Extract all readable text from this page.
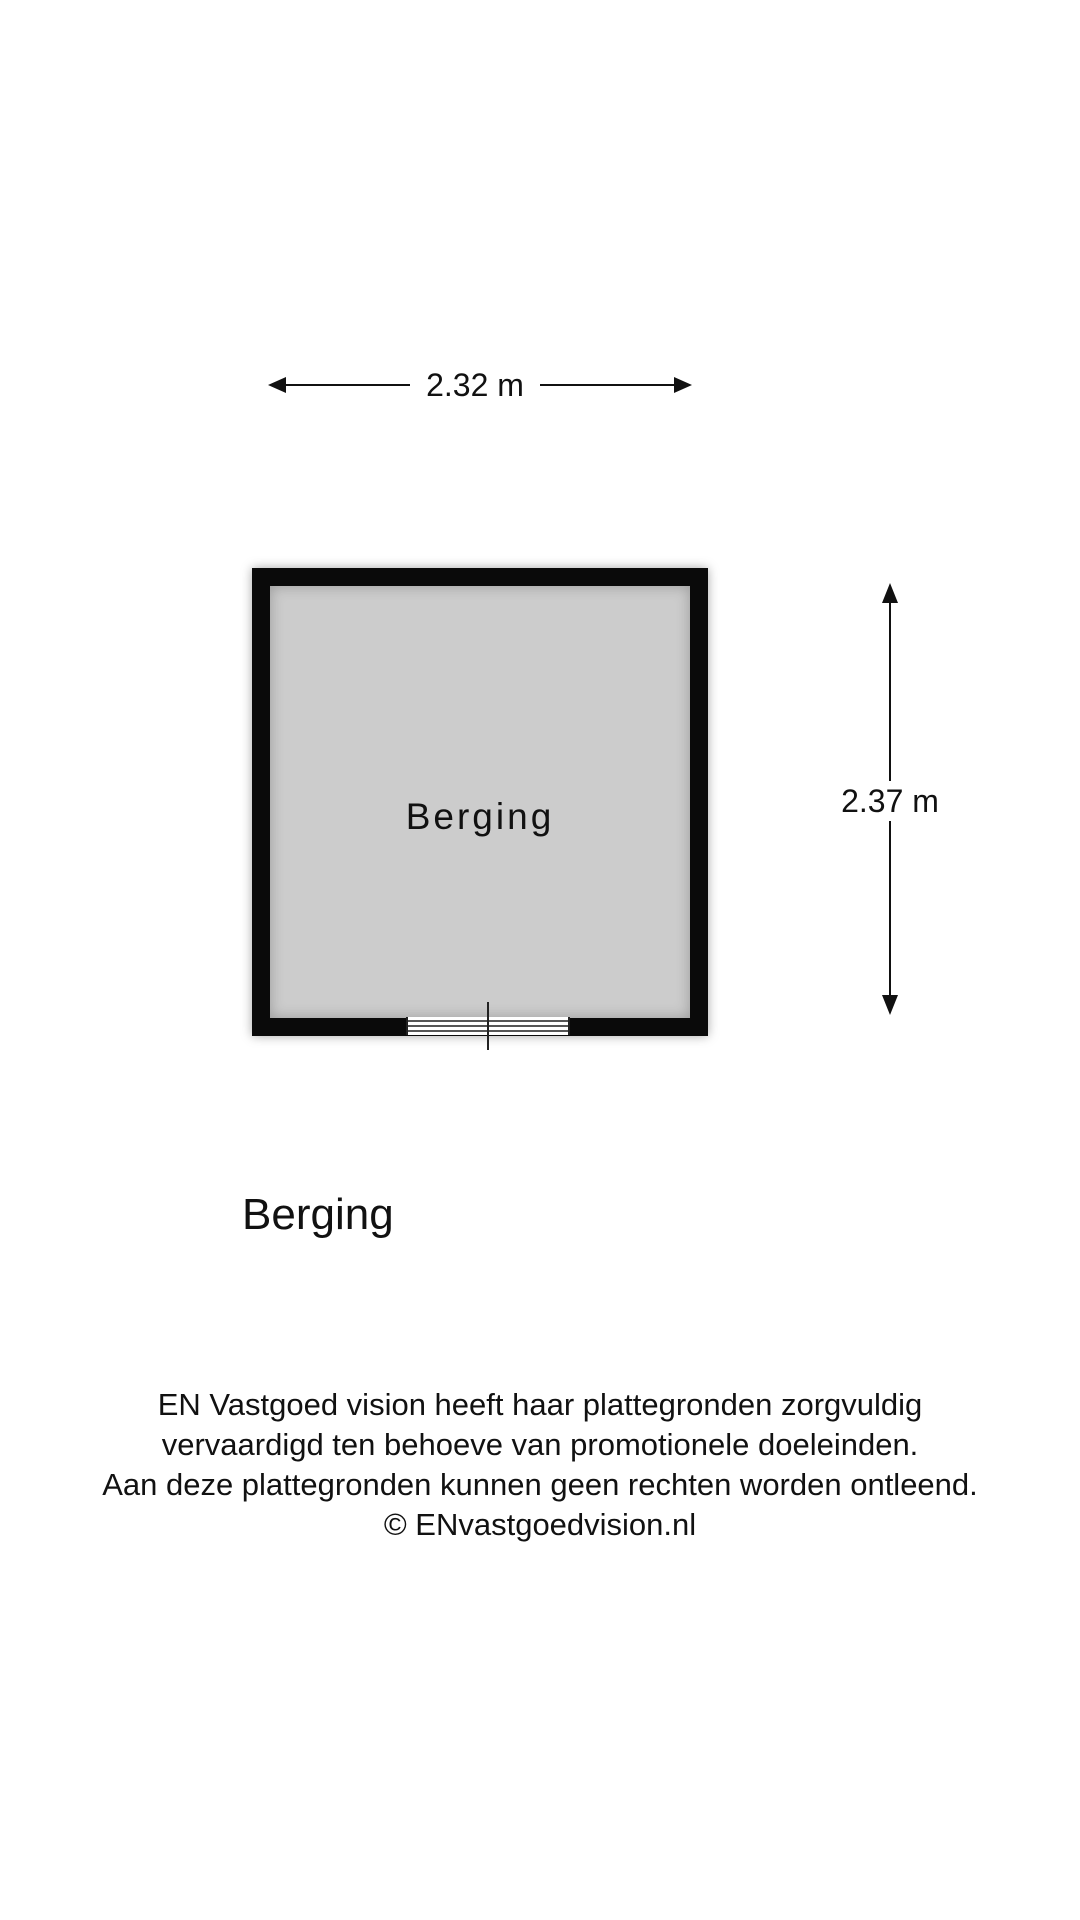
2.32 m
Berging	2.37 m
Berging
EN Vastgoed vision heeft haar plattegronden zorgvuldig
vervaardigd ten behoeve van promotionele doeleinden.
Aan deze plattegronden kunnen geen rechten worden ontleend.
© ENvastgoedvision.nl
